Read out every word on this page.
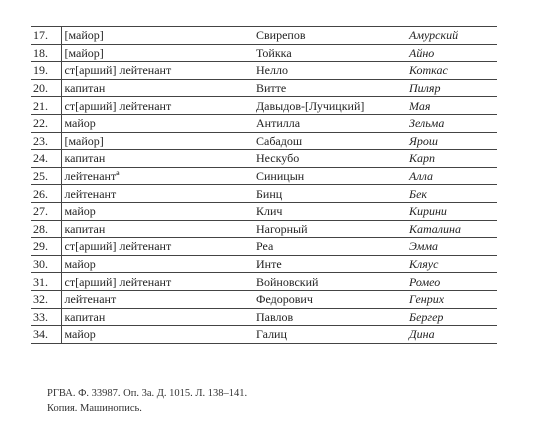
17.	[майор]	Свирепов	Амурский
18.	[майор]	Тойкка	Айно
19.	ст[арший] лейтенант	Нелло	Коткас
20.	капитан	Витте	Пиляр
21.	ст[арший] лейтенант	Давыдов-[Лучицкий]	Мая
22.	майор	Антилла	Зельма
23.	[майор]	Сабадош	Ярош
24.	капитан	Нескубо	Карп
25.	лейтенантª	Синицын	Алла
26.	лейтенант	Бинц	Бек
27.	майор	Клич	Кирини
28.	капитан	Нагорный	Каталина
29.	ст[арший] лейтенант	Реа	Эмма
30.	майор	Инте	Кляус
31.	ст[арший] лейтенант	Войновский	Ромео
32.	лейтенант	Федорович	Генрих
33.	капитан	Павлов	Бергер
34.	майор	Галиц	Дина
РГВА. Ф. 33987. Оп. 3а. Д. 1015. Л. 138–141.
Копия. Машинопись.
